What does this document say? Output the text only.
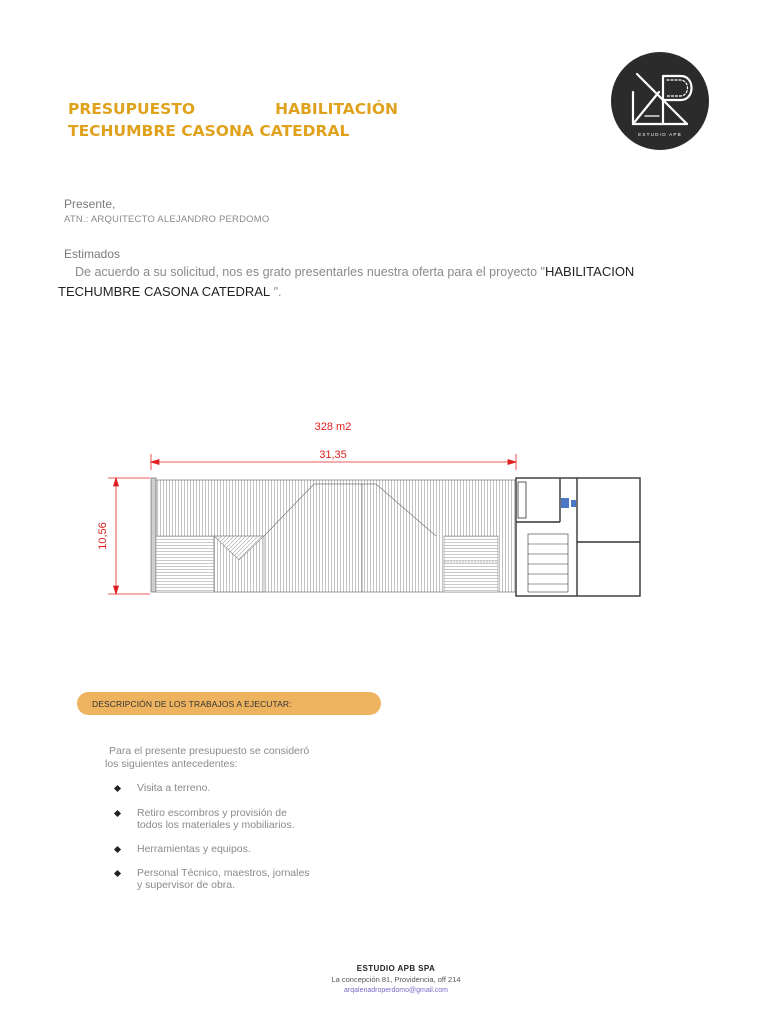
PRESUPUESTO	HABILITACIÓN
TECHUMBRE CASONA CATEDRAL	ESTUDIO APB
Presente,
ATN.: ARQUITECTO ALEJANDRO PERDOMO
Estimados
De acuerdo a su solicitud, nos es grato presentarles nuestra oferta para el proyecto "HABILITACION
TECHUMBRE CASONA CATEDRAL ".
328 m2
31,35
10,56
DESCRIPCIÓN DE LOS TRABAJOS A EJECUTAR:
Para el presente presupuesto se consideró
los siguientes antecedentes:
Visita a terreno.
Retiro escombros y provisión de
todos los materiales y mobiliarios.
Herramientas y equipos.
Personal Técnico, maestros, jornales
y supervisor de obra.
ESTUDIO APB SPA
La concepción 81, Providencia, off 214
arqalenadroperdomo@gmail.com
